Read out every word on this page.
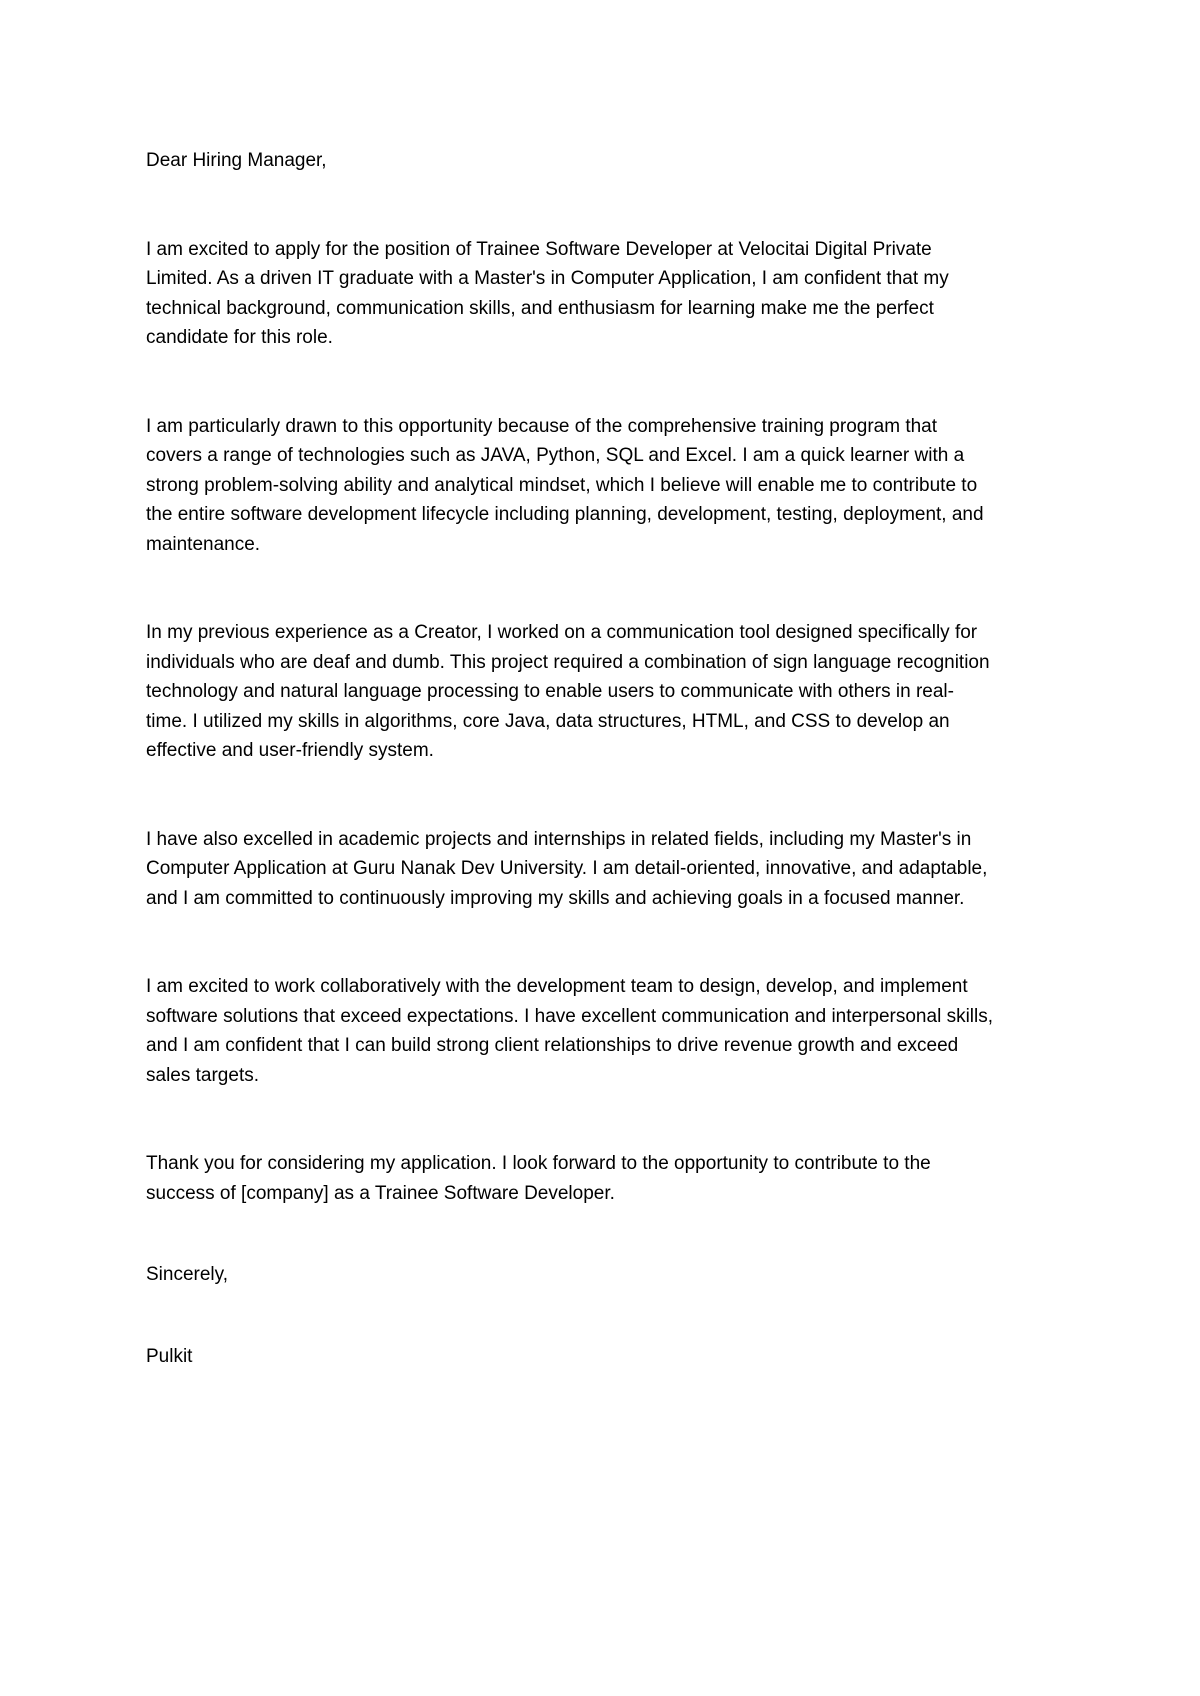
Dear Hiring Manager,

I am excited to apply for the position of Trainee Software Developer at Velocitai Digital Private
Limited. As a driven IT graduate with a Master's in Computer Application, I am confident that my
technical background, communication skills, and enthusiasm for learning make me the perfect
candidate for this role.
I am particularly drawn to this opportunity because of the comprehensive training program that
covers a range of technologies such as JAVA, Python, SQL and Excel. I am a quick learner with a
strong problem-solving ability and analytical mindset, which I believe will enable me to contribute to
the entire software development lifecycle including planning, development, testing, deployment, and
maintenance.
In my previous experience as a Creator, I worked on a communication tool designed specifically for
individuals who are deaf and dumb. This project required a combination of sign language recognition
technology and natural language processing to enable users to communicate with others in real-
time. I utilized my skills in algorithms, core Java, data structures, HTML, and CSS to develop an
effective and user-friendly system.
I have also excelled in academic projects and internships in related fields, including my Master's in
Computer Application at Guru Nanak Dev University. I am detail-oriented, innovative, and adaptable,
and I am committed to continuously improving my skills and achieving goals in a focused manner.
I am excited to work collaboratively with the development team to design, develop, and implement
software solutions that exceed expectations. I have excellent communication and interpersonal skills,
and I am confident that I can build strong client relationships to drive revenue growth and exceed
sales targets.
Thank you for considering my application. I look forward to the opportunity to contribute to the
success of [company] as a Trainee Software Developer.

Sincerely,

Pulkit
